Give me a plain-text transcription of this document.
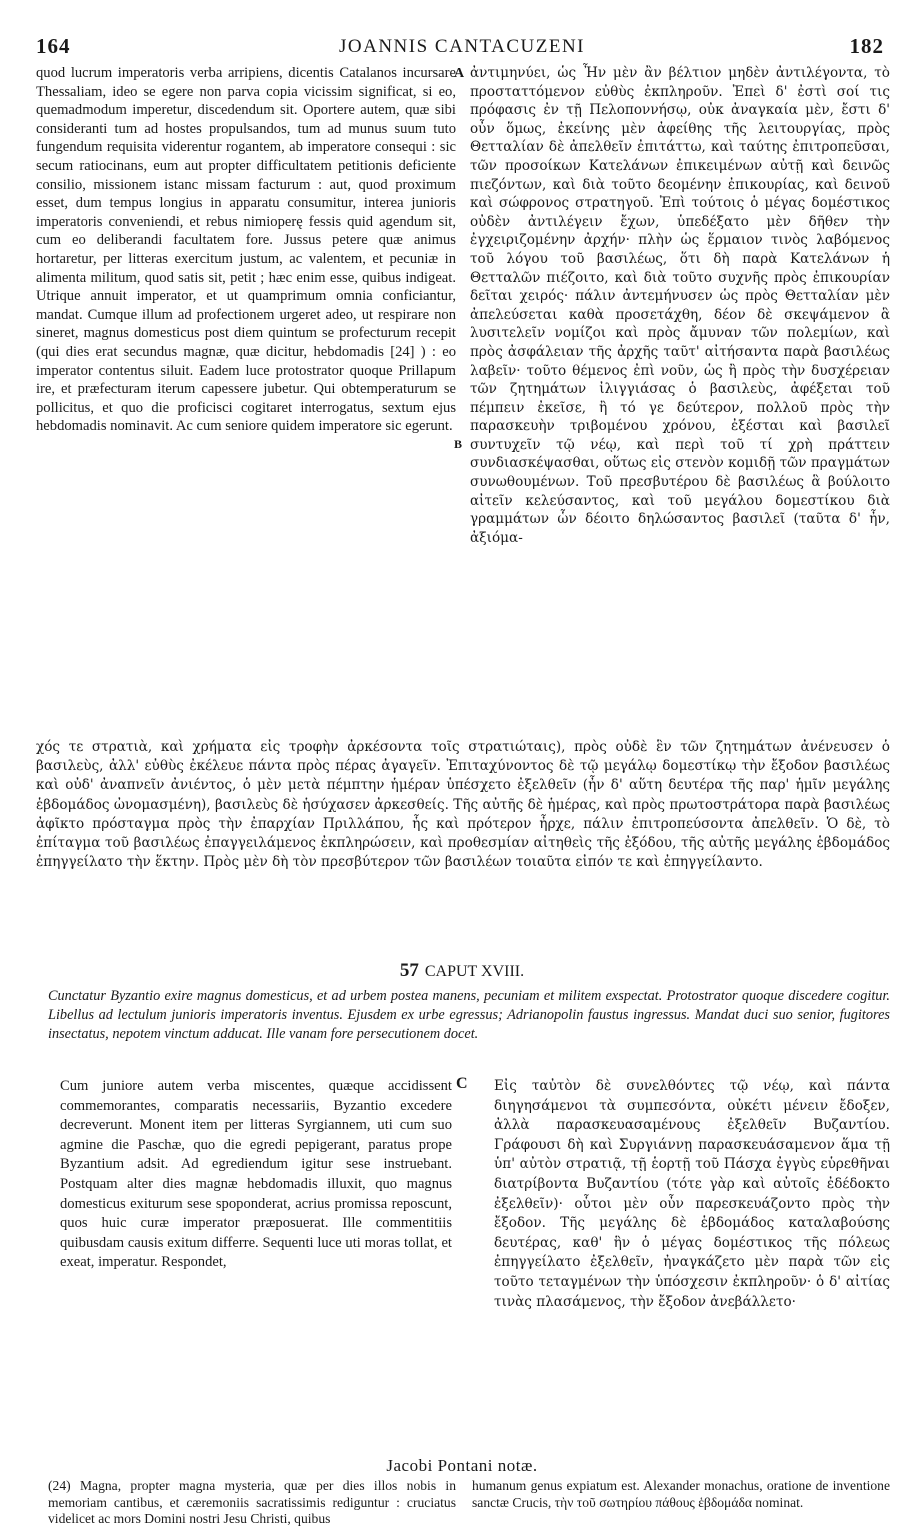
164	JOANNIS CANTACUZENI	182
quod lucrum imperatoris verba arripiens, dicentis Catalanos incursare Thessaliam, ideo se egere non parva copia vicissim significat, si eo, quemadmodum imperetur, discedendum sit. Oportere autem, quæ sibi consideranti tum ad hostes propulsandos, tum ad munus suum tuto fungendum requisita viderentur rogantem, ab imperatore consequi : sic secum ratiocinans, eum aut propter difficultatem petitionis deficiente consilio, missionem istanc missam facturum : aut, quod proximum esset, dum tempus longius in apparatu consumitur, interea junioris imperatoris conveniendi, et rebus nimioperę fessis quid agendum sit, cum eo deliberandi facultatem fore. Jussus petere quæ animus hortaretur, per litteras exercitum justum, ac valentem, et pecuniæ in alimenta militum, quod satis sit, petit ; hæc enim esse, quibus indigeat. Utrique annuit imperator, et ut quamprimum omnia conficiantur, mandat. Cumque illum ad profectionem urgeret adeo, ut respirare non sineret, magnus domesticus post diem quintum se profecturum recepit (qui dies erat secundus magnæ, quæ dicitur, hebdomadis [24] ) : eo imperator contentus siluit. Eadem luce protostrator quoque Prillapum ire, et præfecturam iterum capessere jubetur. Qui obtemperaturum se pollicitus, et quo die proficisci cogitaret interrogatus, sextum ejus hebdomadis nominavit. Ac cum seniore quidem imperatore sic egerunt.
A
B
ἀντιμηνύει, ὡς Ἦν μὲν ἂν βέλτιον μηδὲν ἀντιλέγοντα, τὸ προσταττόμενον εὐθὺς ἐκπληροῦν. Ἐπεὶ δ' ἐστὶ σοί τις πρόφασις ἐν τῇ Πελοποννήσῳ, οὐκ ἀναγκαία μὲν, ἔστι δ' οὖν ὅμως, ἐκείνης μὲν ἀφείθης τῆς λειτουργίας, πρὸς Θετταλίαν δὲ ἀπελθεῖν ἐπιτάττω, καὶ ταύτης ἐπιτροπεῦσαι, τῶν προσοίκων Κατελάνων ἐπικειμένων αὐτῇ καὶ δεινῶς πιεζόντων, καὶ διὰ τοῦτο δεομένην ἐπικουρίας, καὶ δεινοῦ καὶ σώφρονος στρατηγοῦ. Ἐπὶ τούτοις ὁ μέγας δομέστικος οὐδὲν ἀντιλέγειν ἔχων, ὑπεδέξατο μὲν δῆθεν τὴν ἐγχειριζομένην ἀρχήν· πλὴν ὡς ἕρμαιον τινὸς λαβόμενος τοῦ λόγου τοῦ βασιλέως, ὅτι δὴ παρὰ Κατελάνων ἡ Θετταλῶν πιέζοιτο, καὶ διὰ τοῦτο συχνῆς πρὸς ἐπικουρίαν δεῖται χειρός· πάλιν ἀντεμήνυσεν ὡς πρὸς Θετταλίαν μὲν ἀπελεύσεται καθὰ προσετάχθη, δέον δὲ σκεψάμενον ἃ λυσιτελεῖν νομίζοι καὶ πρὸς ἄμυναν τῶν πολεμίων, καὶ πρὸς ἀσφάλειαν τῆς ἀρχῆς ταῦτ' αἰτήσαντα παρὰ βασιλέως λαβεῖν· τοῦτο θέμενος ἐπὶ νοῦν, ὡς ἢ πρὸς τὴν δυσχέρειαν τῶν ζητημάτων ἰλιγγιάσας ὁ βασιλεὺς, ἀφέξεται τοῦ πέμπειν ἐκεῖσε, ἢ τό γε δεύτερον, πολλοῦ πρὸς τὴν παρασκευὴν τριβομένου χρόνου, ἐξέσται καὶ βασιλεῖ συντυχεῖν τῷ νέῳ, καὶ περὶ τοῦ τί χρὴ πράττειν συνδιασκέψασθαι, οὕτως εἰς στενὸν κομιδῇ τῶν πραγμάτων συνωθουμένων. Τοῦ πρεσβυτέρου δὲ βασιλέως ἃ βούλοιτο αἰτεῖν κελεύσαντος, καὶ τοῦ μεγάλου δομεστίκου διὰ γραμμάτων ὧν δέοιτο δηλώσαντος βασιλεῖ (ταῦτα δ' ἦν, ἀξιόμα-
χός τε στρατιὰ, καὶ χρήματα εἰς τροφὴν ἀρκέσοντα τοῖς στρατιώταις), πρὸς οὐδὲ ἓν τῶν ζητημάτων ἀνένευσεν ὁ βασιλεὺς, ἀλλ' εὐθὺς ἐκέλευε πάντα πρὸς πέρας ἀγαγεῖν. Ἐπιταχύνοντος δὲ τῷ μεγάλῳ δομεστίκῳ τὴν ἔξοδον βασιλέως καὶ οὐδ' ἀναπνεῖν ἀνιέντος, ὁ μὲν μετὰ πέμπτην ἡμέραν ὑπέσχετο ἐξελθεῖν (ἦν δ' αὕτη δευτέρα τῆς παρ' ἡμῖν μεγάλης ἑβδομάδος ὠνομασμένη), βασιλεὺς δὲ ἡσύχασεν ἀρκεσθείς. Τῆς αὐτῆς δὲ ἡμέρας, καὶ πρὸς πρωτοστράτορα παρὰ βασιλέως ἀφῖκτο πρόσταγμα πρὸς τὴν ἐπαρχίαν Πριλλάπου, ἧς καὶ πρότερον ἦρχε, πάλιν ἐπιτροπεύσοντα ἀπελθεῖν. Ὁ δὲ, τὸ ἐπίταγμα τοῦ βασιλέως ἐπαγγειλάμενος ἐκπληρώσειν, καὶ προθεσμίαν αἰτηθεὶς τῆς ἐξόδου, τῆς αὐτῆς μεγάλης ἑβδομάδος ἐπηγγείλατο τὴν ἕκτην. Πρὸς μὲν δὴ τὸν πρεσβύτερον τῶν βασιλέων τοιαῦτα εἰπόν τε καὶ ἐπηγγείλαντο.
57 CAPUT XVIII.
Cunctatur Byzantio exire magnus domesticus, et ad urbem postea manens, pecuniam et militem exspectat. Protostrator quoque discedere cogitur. Libellus ad lectulum junioris imperatoris inventus. Ejusdem ex urbe egressus; Adrianopolin faustus ingressus. Mandat duci suo senior, fugitores insectatus, nepotem vinctum adducat. Ille vanam fore persecutionem docet.
Cum juniore autem verba miscentes, quæque accidissent commemorantes, comparatis necessariis, Byzantio excedere decreverunt. Monent item per litteras Syrgiannem, uti cum suo agmine die Paschæ, quo die egredi pepigerant, paratus prope Byzantium adsit. Ad egrediendum igitur sese instruebant. Postquam alter dies magnæ hebdomadis illuxit, quo magnus domesticus exiturum sese spoponderat, acrius promissa reposcunt, quos huic curæ imperator præposuerat. Ille commentitiis quibusdam causis exitum differre. Sequenti luce uti moras tollat, et exeat, imperatur. Respondet,
C Εἰς ταὐτὸν δὲ συνελθόντες τῷ νέῳ, καὶ πάντα διηγησάμενοι τὰ συμπεσόντα, οὐκέτι μένειν ἔδοξεν, ἀλλὰ παρασκευασαμένους ἐξελθεῖν Βυζαντίου. Γράφουσι δὴ καὶ Συργιάννῃ παρασκευάσαμενον ἅμα τῇ ὑπ' αὐτὸν στρατιᾷ, τῇ ἑορτῇ τοῦ Πάσχα ἐγγὺς εὑρεθῆναι διατρίβοντα Βυζαντίου (τότε γὰρ καὶ αὐτοῖς ἐδέδοκτο ἐξελθεῖν)· οὗτοι μὲν οὖν παρεσκευάζοντο πρὸς τὴν ἔξοδον. Τῆς μεγάλης δὲ ἑβδομάδος καταλαβούσης δευτέρας, καθ' ἣν ὁ μέγας δομέστικος τῆς πόλεως ἐπηγγείλατο ἐξελθεῖν, ἠναγκάζετο μὲν παρὰ τῶν εἰς τοῦτο τεταγμένων τὴν ὑπόσχεσιν ἐκπληροῦν· ὁ δ' αἰτίας τινὰς πλασάμενος, τὴν ἔξοδον ἀνεβάλλετο·
Jacobi Pontani notæ.
(24) Magna, propter magna mysteria, quæ per dies illos nobis in memoriam cantibus, et cæremoniis sacratissimis rediguntur : cruciatus videlicet ac mors Domini nostri Jesu Christi, quibus
humanum genus expiatum est. Alexander monachus, oratione de inventione sanctæ Crucis, τὴν τοῦ σωτηρίου πάθους ἑβδομάδα nominat.
